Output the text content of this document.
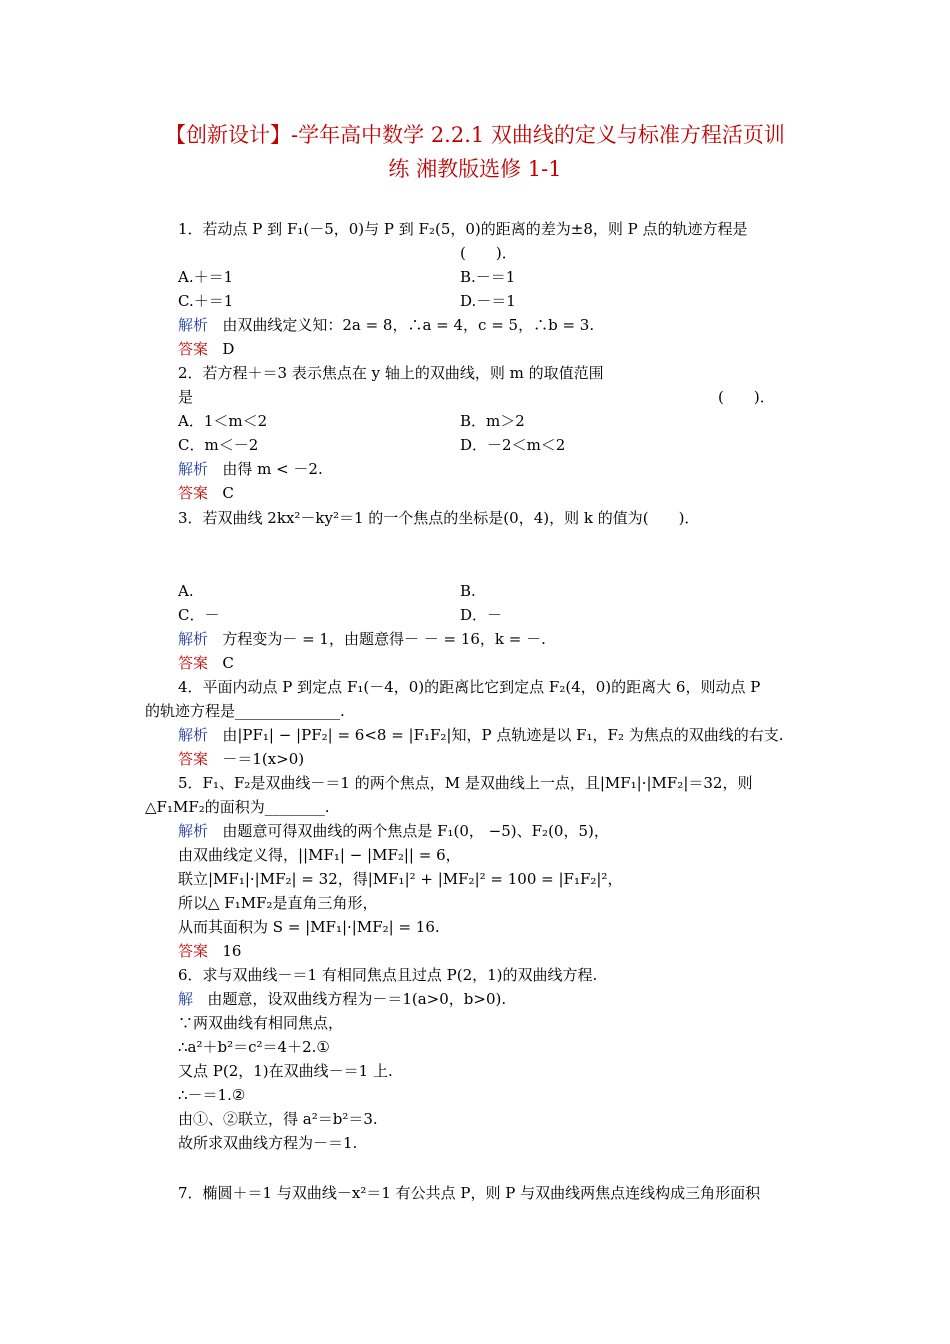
【创新设计】-学年高中数学 2.2.1 双曲线的定义与标准方程活页训
练 湘教版选修 1-1
1．若动点 P 到 F₁(－5，0)与 P 到 F₂(5，0)的距离的差为±8，则 P 点的轨迹方程是
(　　)．
A.＋＝1	B.－＝1
C.＋＝1	D.－＝1
解析 由双曲线定义知：2a = 8，∴a = 4，c = 5，∴b = 3.
答案 D
2．若方程＋＝3 表示焦点在 y 轴上的双曲线，则 m 的取值范围
是	(　　)．
A．1＜m＜2	B．m＞2
C．m＜－2	D．－2＜m＜2
解析 由得 m < －2.
答案 C
3．若双曲线 2kx²－ky²＝1 的一个焦点的坐标是(0，4)，则 k 的值为(　　)．
A.	B.
C．－	D．－
解析 方程变为－ = 1，由题意得－ － = 16，k = －.
答案 C
4．平面内动点 P 到定点 F₁(－4，0)的距离比它到定点 F₂(4，0)的距离大 6，则动点 P
的轨迹方程是______________.
解析 由|PF₁| − |PF₂| = 6<8 = |F₁F₂|知，P 点轨迹是以 F₁，F₂ 为焦点的双曲线的右支.
答案 －＝1(x>0)
5．F₁、F₂是双曲线－＝1 的两个焦点，M 是双曲线上一点，且|MF₁|·|MF₂|＝32，则
△F₁MF₂的面积为________.
解析 由题意可得双曲线的两个焦点是 F₁(0， −5)、F₂(0，5)，
由双曲线定义得，||MF₁| − |MF₂|| = 6，
联立|MF₁|·|MF₂| = 32，得|MF₁|² + |MF₂|² = 100 = |F₁F₂|²，
所以△ F₁MF₂是直角三角形，
从而其面积为 S = |MF₁|·|MF₂| = 16.
答案 16
6．求与双曲线－＝1 有相同焦点且过点 P(2，1)的双曲线方程.
解 由题意，设双曲线方程为－＝1(a>0，b>0).
∵两双曲线有相同焦点，
∴a²＋b²＝c²＝4＋2.①
又点 P(2，1)在双曲线－＝1 上.
∴－＝1.②
由①、②联立，得 a²＝b²＝3.
故所求双曲线方程为－＝1.
7．椭圆＋＝1 与双曲线－x²＝1 有公共点 P，则 P 与双曲线两焦点连线构成三角形面积
